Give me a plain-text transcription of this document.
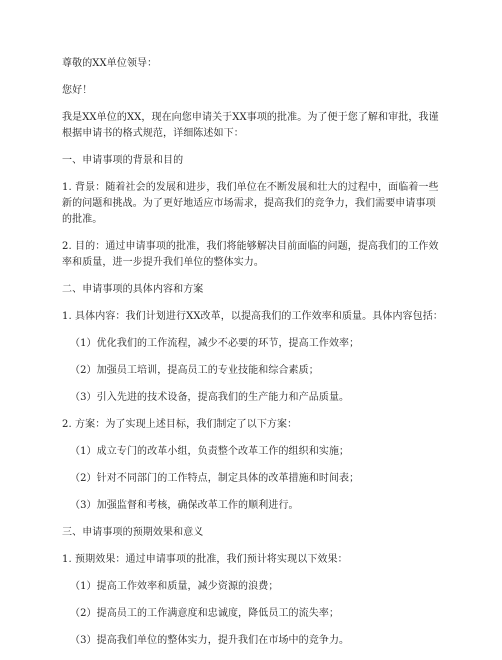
尊敬的XX单位领导：

您好！

我是XX单位的XX，现在向您申请关于XX事项的批准。为了便于您了解和审批，我谨根据申请书的格式规范，详细陈述如下：

一、申请事项的背景和目的

1. 背景：随着社会的发展和进步，我们单位在不断发展和壮大的过程中，面临着一些新的问题和挑战。为了更好地适应市场需求，提高我们的竞争力，我们需要申请事项的批准。

2. 目的：通过申请事项的批准，我们将能够解决目前面临的问题，提高我们的工作效率和质量，进一步提升我们单位的整体实力。

二、申请事项的具体内容和方案

1. 具体内容：我们计划进行XX改革，以提高我们的工作效率和质量。具体内容包括：

（1）优化我们的工作流程，减少不必要的环节，提高工作效率；

（2）加强员工培训，提高员工的专业技能和综合素质；

（3）引入先进的技术设备，提高我们的生产能力和产品质量。

2. 方案：为了实现上述目标，我们制定了以下方案：

（1）成立专门的改革小组，负责整个改革工作的组织和实施；

（2）针对不同部门的工作特点，制定具体的改革措施和时间表；

（3）加强监督和考核，确保改革工作的顺利进行。

三、申请事项的预期效果和意义

1. 预期效果：通过申请事项的批准，我们预计将实现以下效果：

（1）提高工作效率和质量，减少资源的浪费；

（2）提高员工的工作满意度和忠诚度，降低员工的流失率；

（3）提高我们单位的整体实力，提升我们在市场中的竞争力。
